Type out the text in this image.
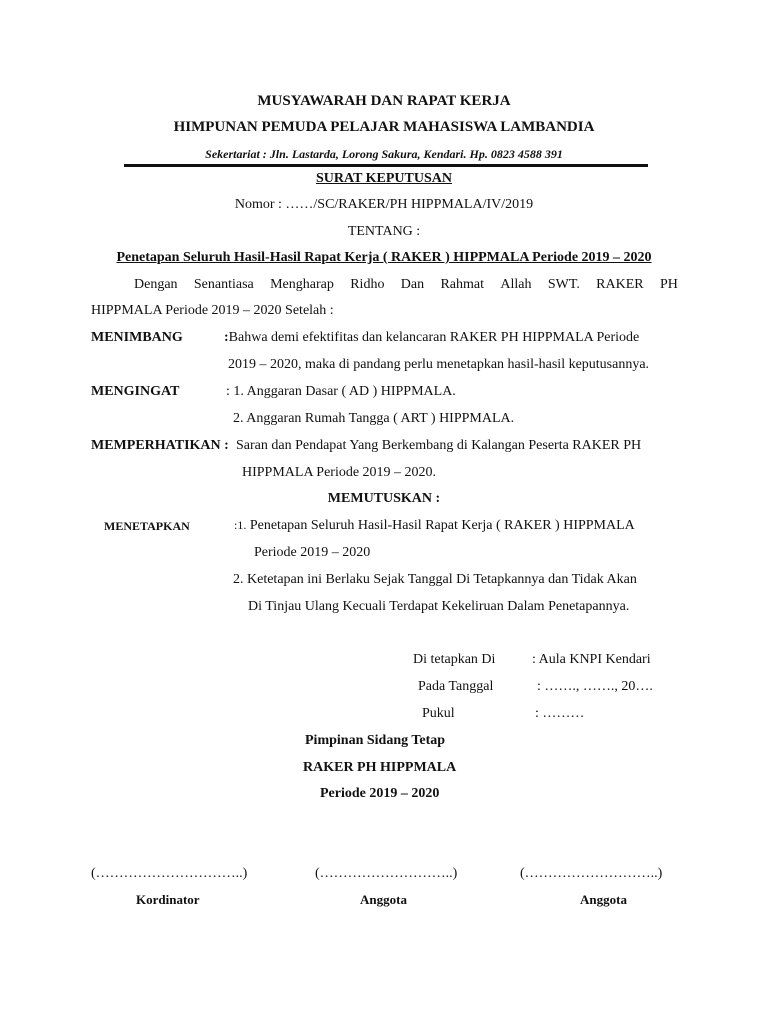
MUSYAWARAH DAN RAPAT KERJA
HIMPUNAN PEMUDA PELAJAR MAHASISWA LAMBANDIA
Sekertariat : Jln. Lastarda, Lorong Sakura, Kendari. Hp. 0823 4588 391
SURAT KEPUTUSAN
Nomor : ……/SC/RAKER/PH HIPPMALA/IV/2019
TENTANG :
Penetapan Seluruh Hasil-Hasil Rapat Kerja ( RAKER ) HIPPMALA Periode 2019 – 2020
Dengan Senantiasa Mengharap Ridho Dan Rahmat Allah SWT. RAKER PH
HIPPMALA Periode 2019 – 2020 Setelah :
MENIMBANG	:Bahwa demi efektifitas dan kelancaran RAKER PH HIPPMALA Periode
2019 – 2020, maka di pandang perlu menetapkan hasil-hasil keputusannya.
MENGINGAT	: 1. Anggaran Dasar ( AD ) HIPPMALA.
2. Anggaran Rumah Tangga ( ART ) HIPPMALA.
MEMPERHATIKAN : Saran dan Pendapat Yang Berkembang di Kalangan Peserta RAKER PH
HIPPMALA Periode 2019 – 2020.
MEMUTUSKAN :
MENETAPKAN	:1. Penetapan Seluruh Hasil-Hasil Rapat Kerja ( RAKER ) HIPPMALA
Periode 2019 – 2020
2. Ketetapan ini Berlaku Sejak Tanggal Di Tetapkannya dan Tidak Akan
Di Tinjau Ulang Kecuali Terdapat Kekeliruan Dalam Penetapannya.
Di tetapkan Di	: Aula KNPI Kendari
Pada Tanggal	: ……., ……., 20….
Pukul	: ………
Pimpinan Sidang Tetap
RAKER PH HIPPMALA
Periode 2019 – 2020
(…………………………..)	(………………………..)	(………………………..)
Kordinator	Anggota	Anggota
